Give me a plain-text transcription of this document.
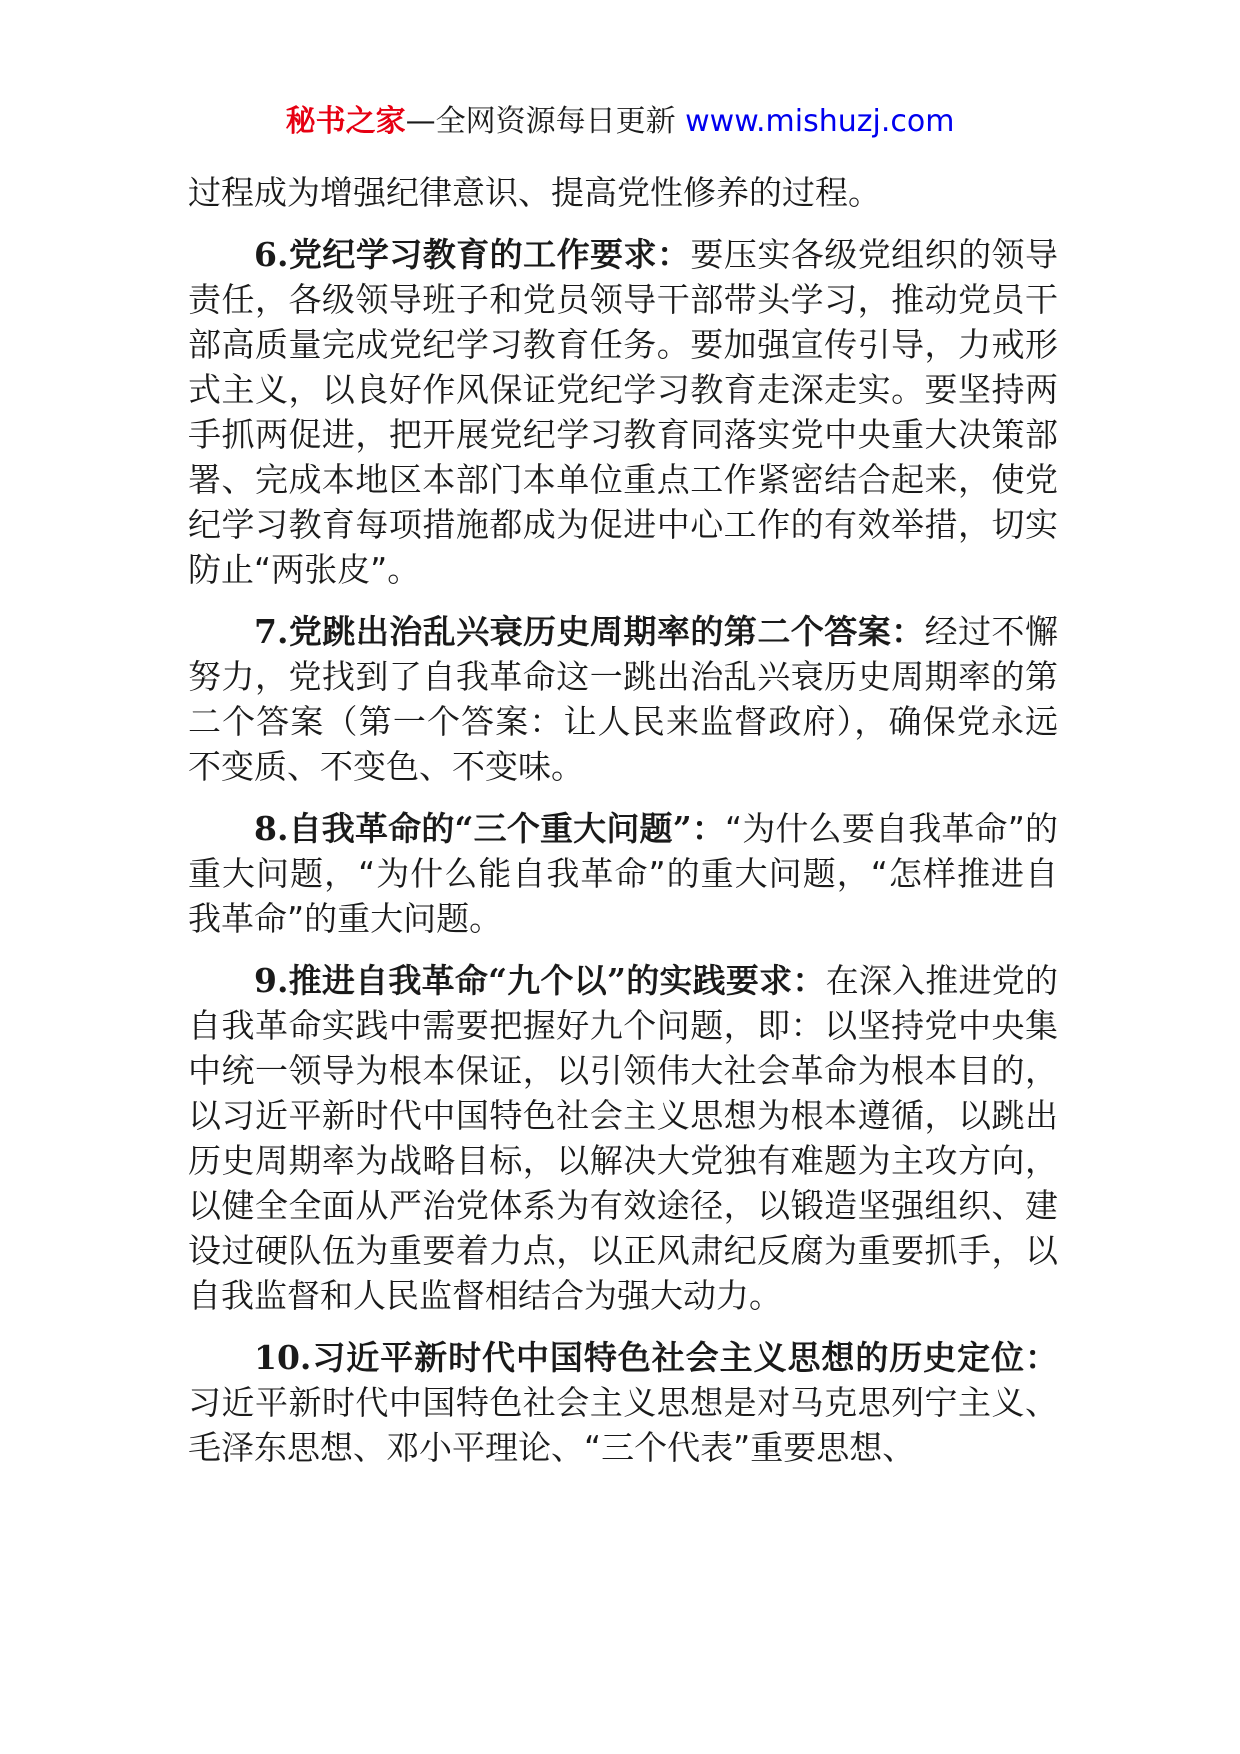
秘书之家—全网资源每日更新 www.mishuzj.com

过程成为增强纪律意识、提高党性修养的过程。

6.党纪学习教育的工作要求：要压实各级党组织的领导责任，各级领导班子和党员领导干部带头学习，推动党员干部高质量完成党纪学习教育任务。要加强宣传引导，力戒形式主义，以良好作风保证党纪学习教育走深走实。要坚持两手抓两促进，把开展党纪学习教育同落实党中央重大决策部署、完成本地区本部门本单位重点工作紧密结合起来，使党纪学习教育每项措施都成为促进中心工作的有效举措，切实防止“两张皮”。

7.党跳出治乱兴衰历史周期率的第二个答案：经过不懈努力，党找到了自我革命这一跳出治乱兴衰历史周期率的第二个答案（第一个答案：让人民来监督政府），确保党永远不变质、不变色、不变味。

8.自我革命的“三个重大问题”：“为什么要自我革命”的重大问题，“为什么能自我革命”的重大问题，“怎样推进自我革命”的重大问题。

9.推进自我革命“九个以”的实践要求：在深入推进党的自我革命实践中需要把握好九个问题，即：以坚持党中央集中统一领导为根本保证，以引领伟大社会革命为根本目的，以习近平新时代中国特色社会主义思想为根本遵循，以跳出历史周期率为战略目标，以解决大党独有难题为主攻方向，以健全全面从严治党体系为有效途径，以锻造坚强组织、建设过硬队伍为重要着力点，以正风肃纪反腐为重要抓手，以自我监督和人民监督相结合为强大动力。

10.习近平新时代中国特色社会主义思想的历史定位：习近平新时代中国特色社会主义思想是对马克思列宁主义、毛泽东思想、邓小平理论、“三个代表”重要思想、
